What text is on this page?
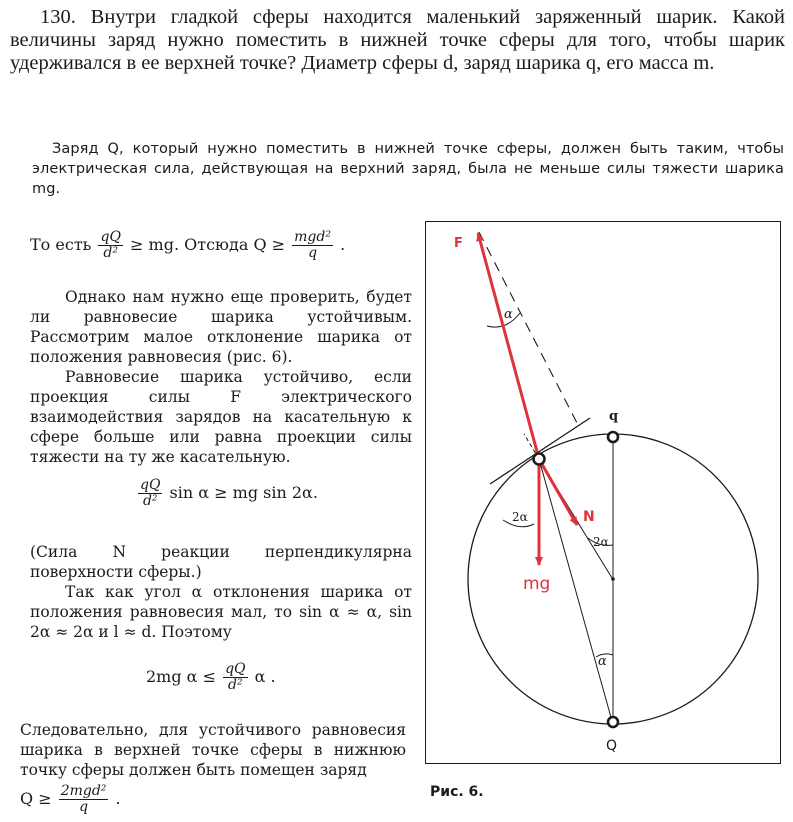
130. Внутри гладкой сферы находится маленький заряженный шарик. Какой величины заряд нужно поместить в нижней точке сферы для того, чтобы шарик удерживался в ее верхней точке? Диаметр сферы d, заряд шарика q, его масса m.

Заряд Q, который нужно поместить в нижней точке сферы, должен быть таким, чтобы электрическая сила, действующая на верхний заряд, была не меньше силы тяжести шарика mg.

То есть $\frac{qQ}{\text{d²}}$ ≥ mg. Отсюда $Q \ge \frac{\text{mgd²}}{q}$ .

Однако нам нужно еще проверить, будет ли равновесие шарика устойчивым. Рассмотрим малое отклонение шарика от положения равновесия (рис. 6).

Равновесие шарика устойчиво, если проекция силы F электрического взаимодействия зарядов на касательную к сфере больше или равна проекции силы тяжести на ту же касательную.

$\frac{qQ}{\text{d²}}$ sin α ≥ mg sin 2α.

(Сила N реакции перпендикулярна поверхности сферы.)

Так как угол α отклонения шарика от положения равновесия мал, то sin α ≈ α, sin 2α ≈ 2α и l ≈ d. Поэтому

2mg $\alpha \le \frac{qQ}{\text{d²}}$ α .

Следовательно, для устойчивого равновесия шарика в верхней точке сферы в нижнюю точку сферы должен быть помещен заряд

$Q \ge \frac{\text{2mgd²}}{q}$ .
F
N
mg
q
Q
α
2α
2α
α
Рис. 6.
